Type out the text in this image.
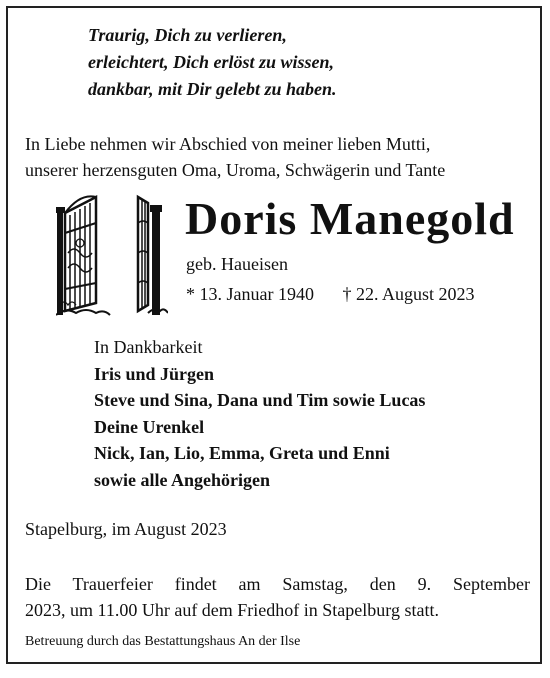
Traurig, Dich zu verlieren,
erleichtert, Dich erlöst zu wissen,
dankbar, mit Dir gelebt zu haben.
In Liebe nehmen wir Abschied von meiner lieben Mutti,
unserer herzensguten Oma, Uroma, Schwägerin und Tante
Doris Manegold
geb. Haueisen
* 13. Januar 1940 † 22. August 2023
In Dankbarkeit
Iris und Jürgen
Steve und Sina, Dana und Tim sowie Lucas
Deine Urenkel
Nick, Ian, Lio, Emma, Greta und Enni
sowie alle Angehörigen
Stapelburg, im August 2023
Die Trauerfeier findet am Samstag, den 9. September
2023, um 11.00 Uhr auf dem Friedhof in Stapelburg statt.
Betreuung durch das Bestattungshaus An der Ilse
